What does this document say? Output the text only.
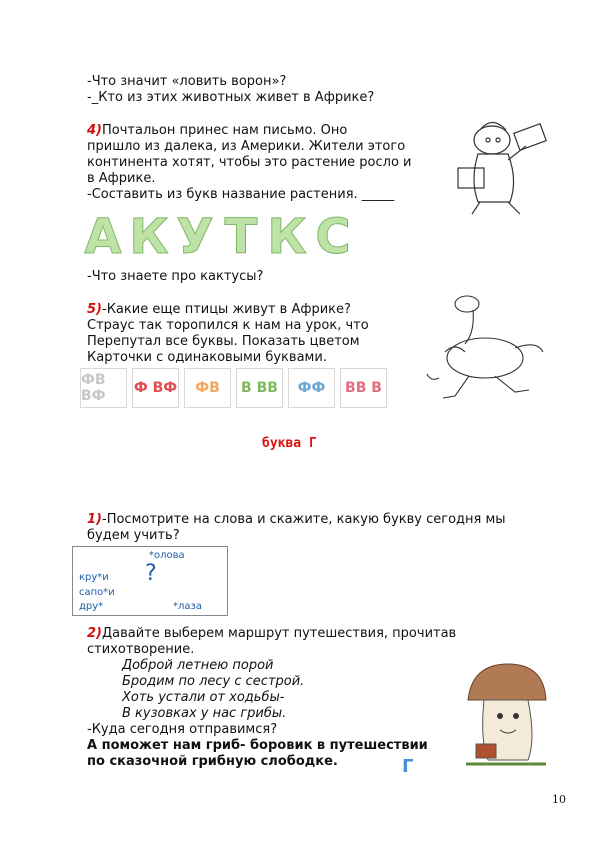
-Что значит «ловить ворон»?
-_Кто из этих животных живет в Африке?
4)Почтальон принес нам письмо. Оно
пришло из далека, из Америки. Жители этого
континента хотят, чтобы это растение росло и
в Африке.
-Составить из букв название растения. _____
А К У Т К С
-Что знаете про кактусы?
5)-Какие еще птицы живут в Африке?
Страус так торопился к нам на урок, что
Перепутал все буквы. Показать цветом
Карточки с одинаковыми буквами.
ФВ ВФ	Ф ВФ	ФВ	В ВВ	ФФ	ВВ В
буква Г
1)-Посмотрите на слова и скажите, какую букву сегодня мы
будем учить?
*олова
?
кру*и
сапо*и
дру*	*лаза
2)Давайте выберем маршрут путешествия, прочитав
стихотворение.
Доброй летнею порой
Бродим по лесу с сестрой.
Хоть устали от ходьбы-
В кузовках у нас грибы.
-Куда сегодня отправимся?
А поможет нам гриб- боровик в путешествии
по сказочной грибную слободке.	Г
10
